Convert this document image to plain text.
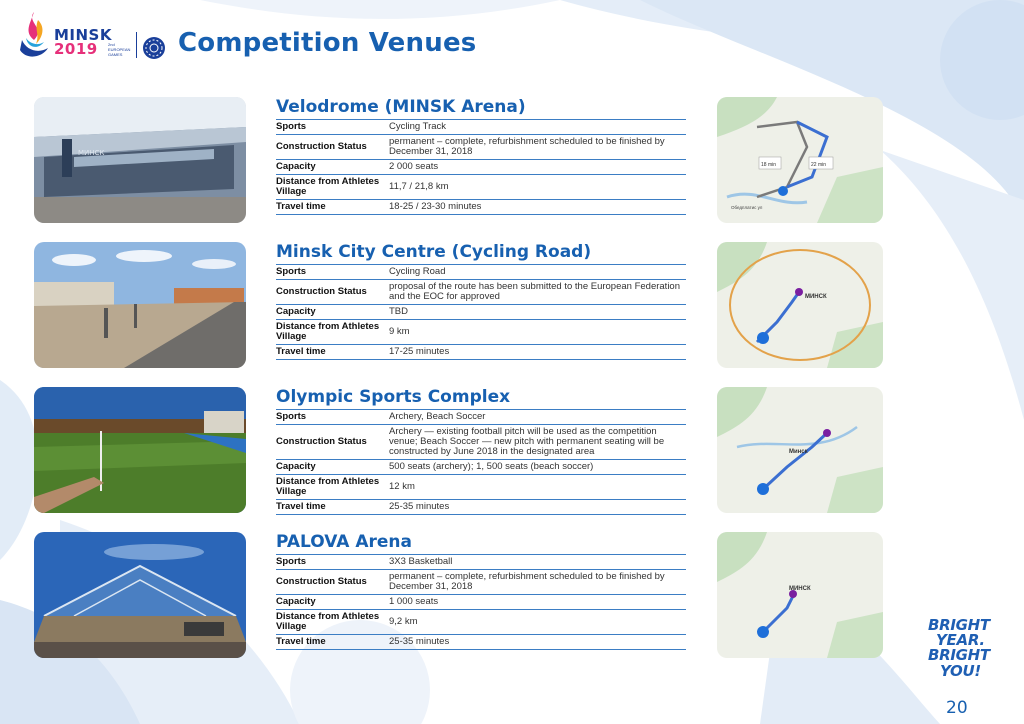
MINSK
2019	2nd EUROPEAN GAMES	Competition Venues
МИНСК
Velodrome (MINSK Arena)
Sports	Cycling Track
Construction Status	permanent – complete, refurbishment scheduled to be finished by December 31, 2018
Capacity	2 000 seats
Distance from Athletes Village	11,7 / 21,8 km
Travel time	18-25 / 23-30 minutes
18 min	22 min
Обедплатис ул
Minsk City Centre (Cycling Road)
Sports	Cycling Road
Construction Status	proposal of the route has been submitted to the European Federation and the EOC for approved
Capacity	TBD
Distance from Athletes Village	9 km
Travel time	17-25 minutes
МИНСК
Olympic Sports Complex
Sports	Archery, Beach Soccer
Construction Status	Archery — existing football pitch will be used as the competition venue; Beach Soccer — new pitch with permanent seating will be constructed by June 2018 in the designated area
Capacity	500 seats (archery); 1, 500 seats (beach soccer)
Distance from Athletes Village	12 km
Travel time	25-35 minutes
Минск
PALOVA Arena
Sports	3X3 Basketball
Construction Status	permanent – complete, refurbishment scheduled to be finished by December 31, 2018
Capacity	1 000 seats
Distance from Athletes Village	9,2 km
Travel time	25-35 minutes
МИНСК
BRIGHT
YEAR.
BRIGHT
YOU!
20
